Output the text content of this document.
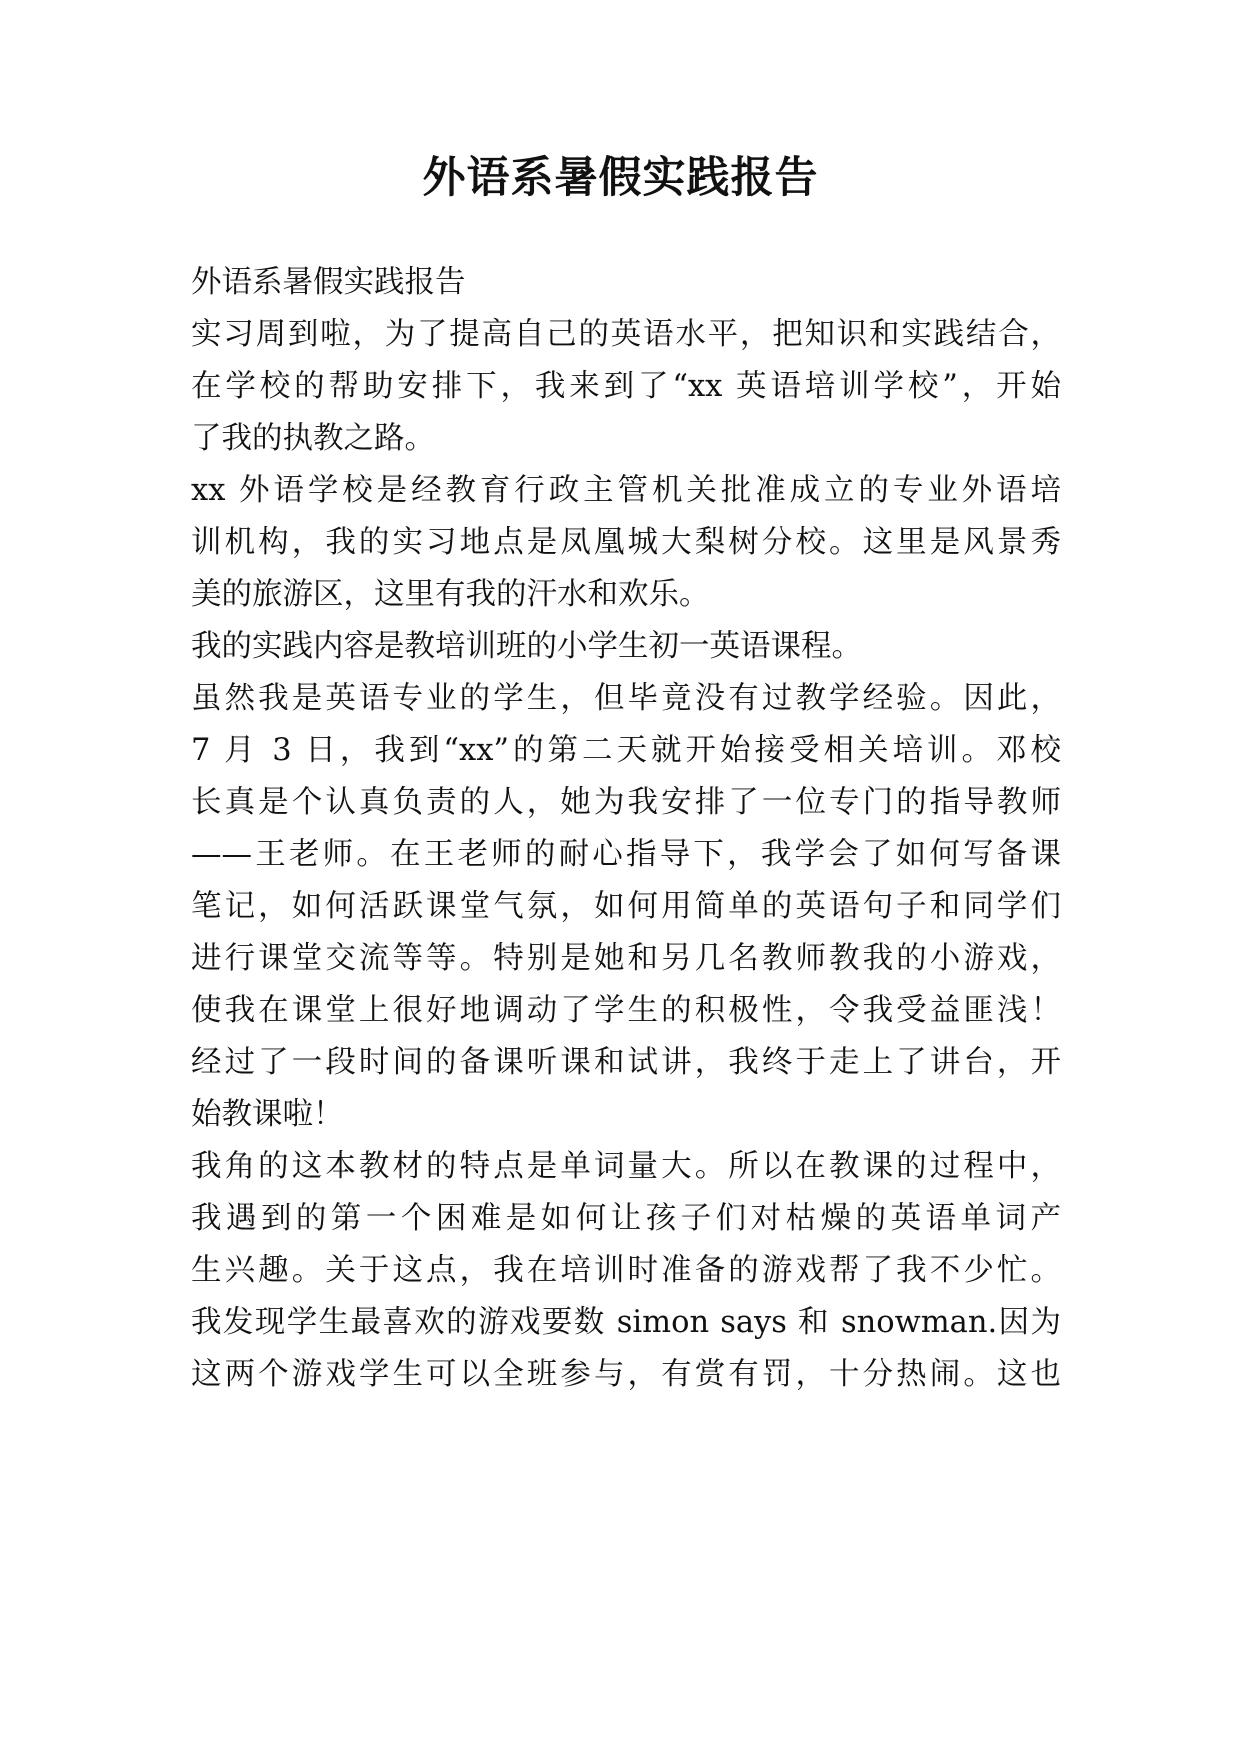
外语系暑假实践报告
外语系暑假实践报告
实习周到啦，为了提高自己的英语水平，把知识和实践结合，
在学校的帮助安排下，我来到了“xx 英语培训学校”，开始
了我的执教之路。
xx 外语学校是经教育行政主管机关批准成立的专业外语培
训机构，我的实习地点是凤凰城大梨树分校。这里是风景秀
美的旅游区，这里有我的汗水和欢乐。
我的实践内容是教培训班的小学生初一英语课程。
虽然我是英语专业的学生，但毕竟没有过教学经验。因此，
7 月 3 日，我到“xx”的第二天就开始接受相关培训。邓校
长真是个认真负责的人，她为我安排了一位专门的指导教师
——王老师。在王老师的耐心指导下，我学会了如何写备课
笔记，如何活跃课堂气氛，如何用简单的英语句子和同学们
进行课堂交流等等。特别是她和另几名教师教我的小游戏，
使我在课堂上很好地调动了学生的积极性，令我受益匪浅！
经过了一段时间的备课听课和试讲，我终于走上了讲台，开
始教课啦！
我角的这本教材的特点是单词量大。所以在教课的过程中，
我遇到的第一个困难是如何让孩子们对枯燥的英语单词产
生兴趣。关于这点，我在培训时准备的游戏帮了我不少忙。
我发现学生最喜欢的游戏要数 simon says 和 snowman.因为
这两个游戏学生可以全班参与，有赏有罚，十分热闹。这也
